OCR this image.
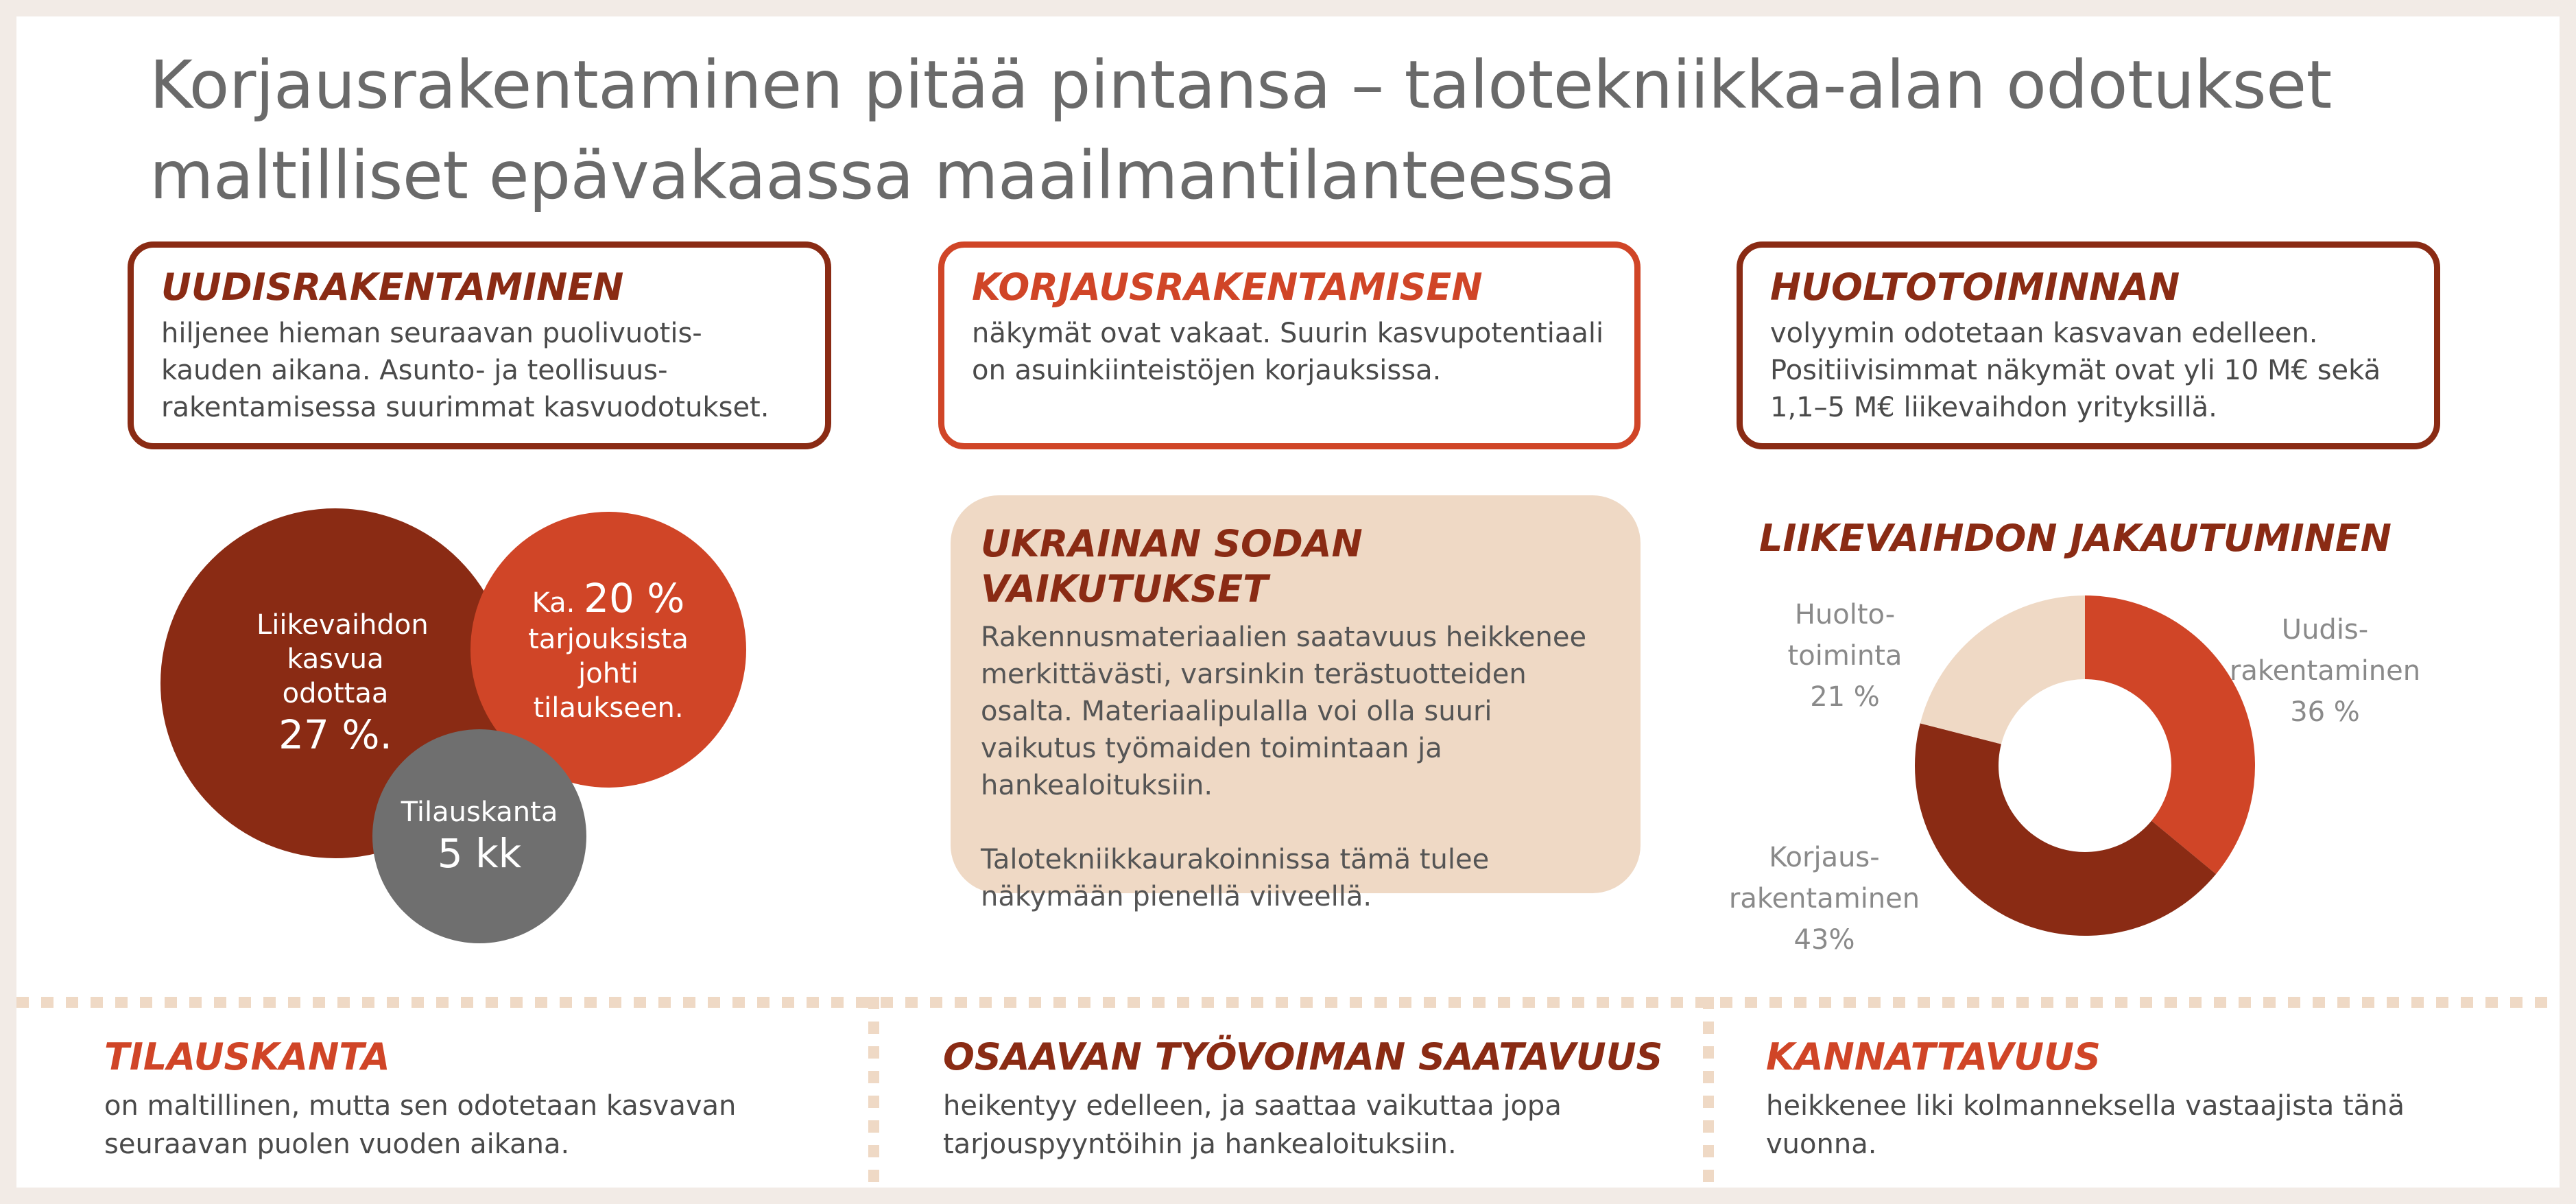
Korjausrakentaminen pitää pintansa – talotekniikka-alan odotukset
maltilliset epävakaassa maailmantilanteessa
UUDISRAKENTAMINEN

hiljenee hieman seuraavan puolivuotis-kauden aikana. Asunto- ja teollisuus-rakentamisessa suurimmat kasvuodotukset.

KORJAUSRAKENTAMISEN

näkymät ovat vakaat. Suurin kasvupotentiaali on asuinkiinteistöjen korjauksissa.

HUOLTOTOIMINNAN

volyymin odotetaan kasvavan edelleen. Positiivisimmat näkymät ovat yli 10 M€ sekä 1,1–5 M€ liikevaihdon yrityksillä.

Liikevaihdon kasvua odottaa
27 %.
Ka. 20 %
tarjouksista johti tilaukseen.
Tilauskanta
5 kk
UKRAINAN SODAN VAIKUTUKSET

Rakennusmateriaalien saatavuus heikkenee merkittävästi, varsinkin terästuotteiden osalta. Materiaalipulalla voi olla suuri vaikutus työmaiden toimintaan ja hankealoituksiin.

Talotekniikkaurakoinnissa tämä tulee näkymään pienellä viiveellä.

LIIKEVAIHDON JAKAUTUMINEN
Uudis-
rakentaminen
36 %
Korjaus-
rakentaminen
43%
Huolto-
toiminta
21 %
TILAUSKANTA

on maltillinen, mutta sen odotetaan kasvavan seuraavan puolen vuoden aikana.

OSAAVAN TYÖVOIMAN SAATAVUUS

heikentyy edelleen, ja saattaa vaikuttaa jopa tarjouspyyntöihin ja hankealoituksiin.

KANNATTAVUUS

heikkenee liki kolmanneksella vastaajista tänä vuonna.
